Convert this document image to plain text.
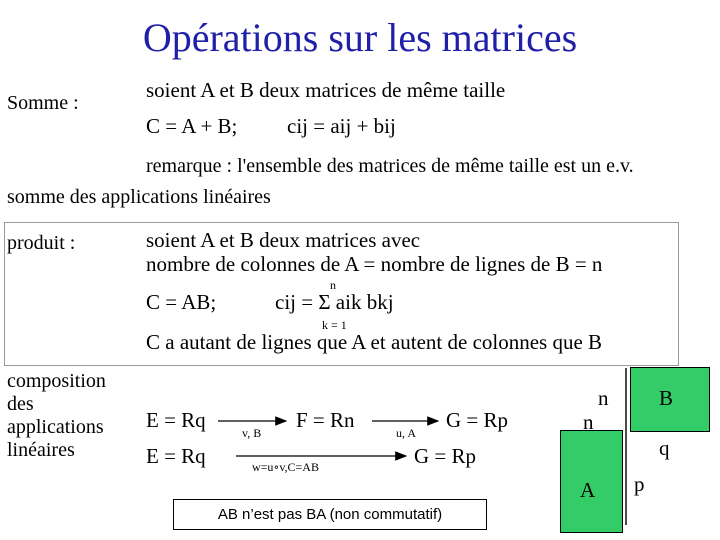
Opérations sur les matrices
Somme :
soient A et B deux matrices de même taille
C = A + B; cij = aij + bij
remarque : l'ensemble des matrices de même taille est un e.v.
somme des applications linéaires
produit :	soient A et B deux matrices avec
nombre de colonnes de A = nombre de lignes de B = n
C = AB;
n
cij = Σ aik bkj
k = 1
C a autant de lignes que A et autent de colonnes que B
composition des applications linéaires
E = Rq
v, B
F = Rn
u, A
G = Rp
E = Rq	w=u∘v,C=AB	G = Rp
B
A
n
n
q
p
AB n’est pas BA (non commutatif)
